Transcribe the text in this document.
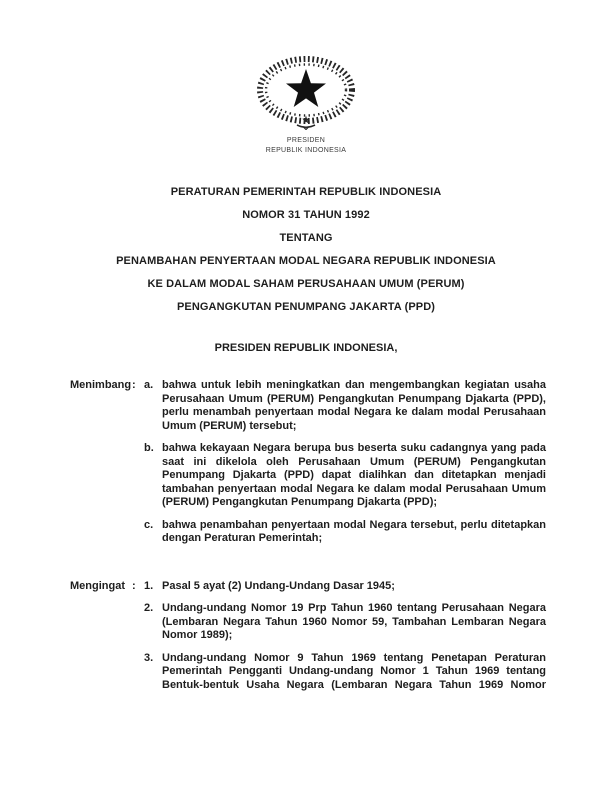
PRESIDEN
REPUBLIK INDONESIA
PERATURAN PEMERINTAH REPUBLIK INDONESIA
NOMOR 31 TAHUN 1992
TENTANG
PENAMBAHAN PENYERTAAN MODAL NEGARA REPUBLIK INDONESIA
KE DALAM MODAL SAHAM PERUSAHAAN UMUM (PERUM)
PENGANGKUTAN PENUMPANG JAKARTA (PPD)
PRESIDEN REPUBLIK INDONESIA,
Menimbang : a. bahwa untuk lebih meningkatkan dan mengembangkan kegiatan usaha Perusahaan Umum (PERUM) Pengangkutan Penumpang Djakarta (PPD), perlu menambah penyertaan modal Negara ke dalam modal Perusahaan Umum (PERUM) tersebut;
b. bahwa kekayaan Negara berupa bus beserta suku cadangnya yang pada saat ini dikelola oleh Perusahaan Umum (PERUM) Pengangkutan Penumpang Djakarta (PPD) dapat dialihkan dan ditetapkan menjadi tambahan penyertaan modal Negara ke dalam modal Perusahaan Umum (PERUM) Pengangkutan Penumpang Djakarta (PPD);
c. bahwa penambahan penyertaan modal Negara tersebut, perlu ditetapkan dengan Peraturan Pemerintah;
Mengingat : 1. Pasal 5 ayat (2) Undang-Undang Dasar 1945;
2. Undang-undang Nomor 19 Prp Tahun 1960 tentang Perusahaan Negara (Lembaran Negara Tahun 1960 Nomor 59, Tambahan Lembaran Negara Nomor 1989);
3. Undang-undang Nomor 9 Tahun 1969 tentang Penetapan Peraturan Pemerintah Pengganti Undang-undang Nomor 1 Tahun 1969 tentang Bentuk-bentuk Usaha Negara (Lembaran Negara Tahun 1969 Nomor
